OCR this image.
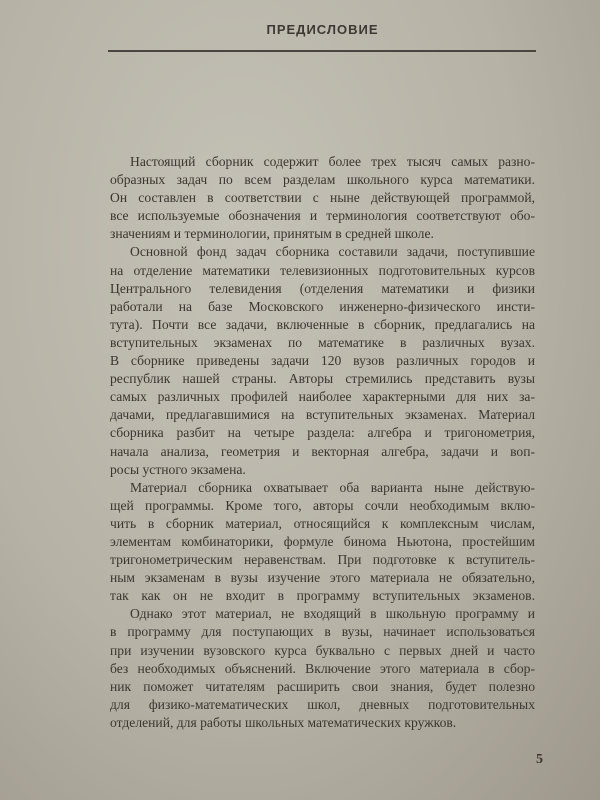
ПРЕДИСЛОВИЕ
Настоящий сборник содержит более трех тысяч самых разно-
образных задач по всем разделам школьного курса математики.
Он составлен в соответствии с ныне действующей программой,
все используемые обозначения и терминология соответствуют обо-
значениям и терминологии, принятым в средней школе.
Основной фонд задач сборника составили задачи, поступившие
на отделение математики телевизионных подготовительных курсов
Центрального телевидения (отделения математики и физики
работали на базе Московского инженерно-физического инсти-
тута). Почти все задачи, включенные в сборник, предлагались на
вступительных экзаменах по математике в различных вузах.
В сборнике приведены задачи 120 вузов различных городов и
республик нашей страны. Авторы стремились представить вузы
самых различных профилей наиболее характерными для них за-
дачами, предлагавшимися на вступительных экзаменах. Материал
сборника разбит на четыре раздела: алгебра и тригонометрия,
начала анализа, геометрия и векторная алгебра, задачи и воп-
росы устного экзамена.
Материал сборника охватывает оба варианта ныне действую-
щей программы. Кроме того, авторы сочли необходимым вклю-
чить в сборник материал, относящийся к комплексным числам,
элементам комбинаторики, формуле бинома Ньютона, простейшим
тригонометрическим неравенствам. При подготовке к вступитель-
ным экзаменам в вузы изучение этого материала не обязательно,
так как он не входит в программу вступительных экзаменов.
Однако этот материал, не входящий в школьную программу и
в программу для поступающих в вузы, начинает использоваться
при изучении вузовского курса буквально с первых дней и часто
без необходимых объяснений. Включение этого материала в сбор-
ник поможет читателям расширить свои знания, будет полезно
для физико-математических школ, дневных подготовительных
отделений, для работы школьных математических кружков.
5
